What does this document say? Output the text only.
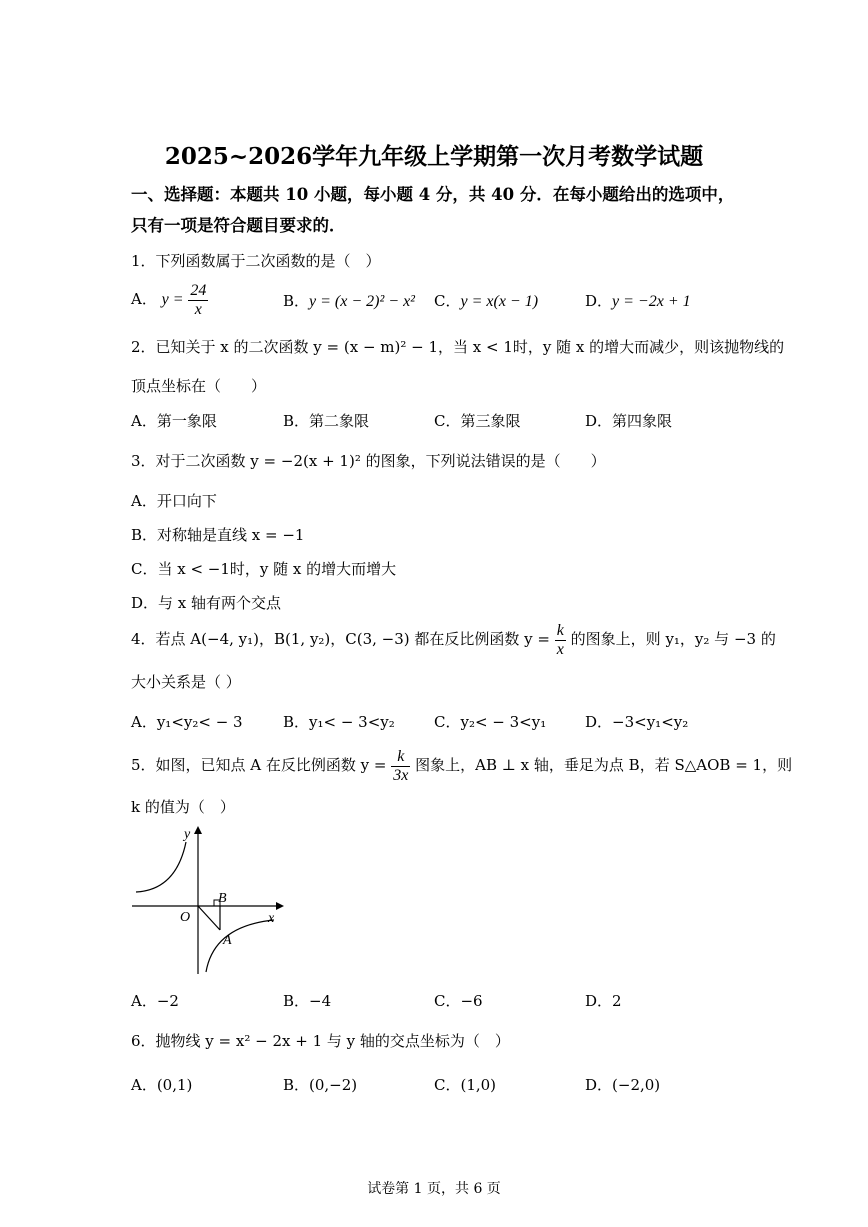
2025~2026学年九年级上学期第一次月考数学试题
一、选择题：本题共 10 小题，每小题 4 分，共 40 分．在每小题给出的选项中，
只有一项是符合题目要求的．
1．下列函数属于二次函数的是（　）
A． $y = \frac{24}{x}$	B．y = (x − 2)² − x² C．y = x(x − 1)	D．y = −2x + 1
2．已知关于 x 的二次函数 y = (x − m)² − 1，当 x < 1时，y 随 x 的增大而减少，则该抛物线的
顶点坐标在（　　）
A．第一象限	B．第二象限	C．第三象限	D．第四象限
3．对于二次函数 y = −2(x + 1)² 的图象，下列说法错误的是（　　）
A．开口向下
B．对称轴是直线 x = −1
C．当 x < −1时，y 随 x 的增大而增大
D．与 x 轴有两个交点
4．若点 A(−4, y₁)，B(1, y₂)，C(3, −3) 都在反比例函数 $y = \frac{k}{x}$ 的图象上，则 y₁，y₂ 与 −3 的
大小关系是（ ）
A．y₁<y₂< − 3	B．y₁< − 3<y₂	C．y₂< − 3<y₁	D．−3<y₁<y₂
5．如图，已知点 A 在反比例函数 $y = \frac{k}{3x}$ 图象上，AB ⊥ x 轴，垂足为点 B，若 S△AOB = 1，则
k 的值为（　）
y
x
O
B
A
A．−2	B．−4	C．−6	D．2
6．抛物线 y = x² − 2x + 1 与 y 轴的交点坐标为（　）
A．(0,1)	B．(0,−2)	C．(1,0)	D．(−2,0)
试卷第 1 页，共 6 页
